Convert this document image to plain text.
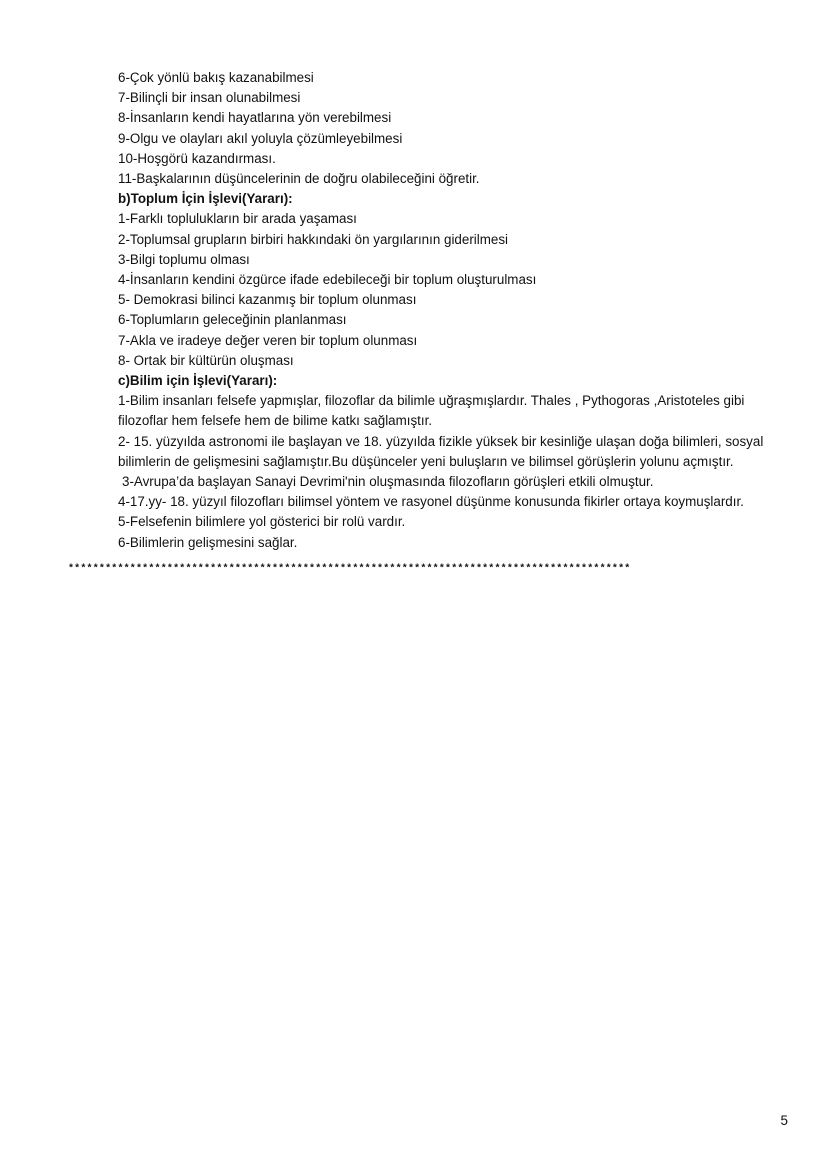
6-Çok yönlü bakış kazanabilmesi
7-Bilinçli bir insan olunabilmesi
8-İnsanların kendi hayatlarına yön verebilmesi
9-Olgu ve olayları akıl yoluyla çözümleyebilmesi
10-Hoşgörü kazandırması.
11-Başkalarının düşüncelerinin de doğru olabileceğini öğretir.
b)Toplum İçin İşlevi(Yararı):
1-Farklı toplulukların bir arada yaşaması
2-Toplumsal grupların birbiri hakkındaki ön yargılarının giderilmesi
3-Bilgi toplumu olması
4-İnsanların kendini özgürce ifade edebileceği bir toplum oluşturulması
5- Demokrasi bilinci kazanmış bir toplum olunması
6-Toplumların geleceğinin planlanması
7-Akla ve iradeye değer veren bir toplum olunması
8- Ortak bir kültürün oluşması
c)Bilim için İşlevi(Yararı):
1-Bilim insanları felsefe yapmışlar, filozoflar da bilimle uğraşmışlardır. Thales , Pythogoras ,Aristoteles gibi
filozoflar hem felsefe hem de bilime katkı sağlamıştır.
2- 15. yüzyılda astronomi ile başlayan ve 18. yüzyılda fizikle yüksek bir kesinliğe ulaşan doğa bilimleri, sosyal
bilimlerin de gelişmesini sağlamıştır.Bu düşünceler yeni buluşların ve bilimsel görüşlerin yolunu açmıştır.
3-Avrupa’da başlayan Sanayi Devrimi'nin oluşmasında filozofların görüşleri etkili olmuştur.
4-17.yy- 18. yüzyıl filozofları bilimsel yöntem ve rasyonel düşünme konusunda fikirler ortaya koymuşlardır.
5-Felsefenin bilimlere yol gösterici bir rolü vardır.
6-Bilimlerin gelişmesini sağlar.
*******************************************************************************************
5
